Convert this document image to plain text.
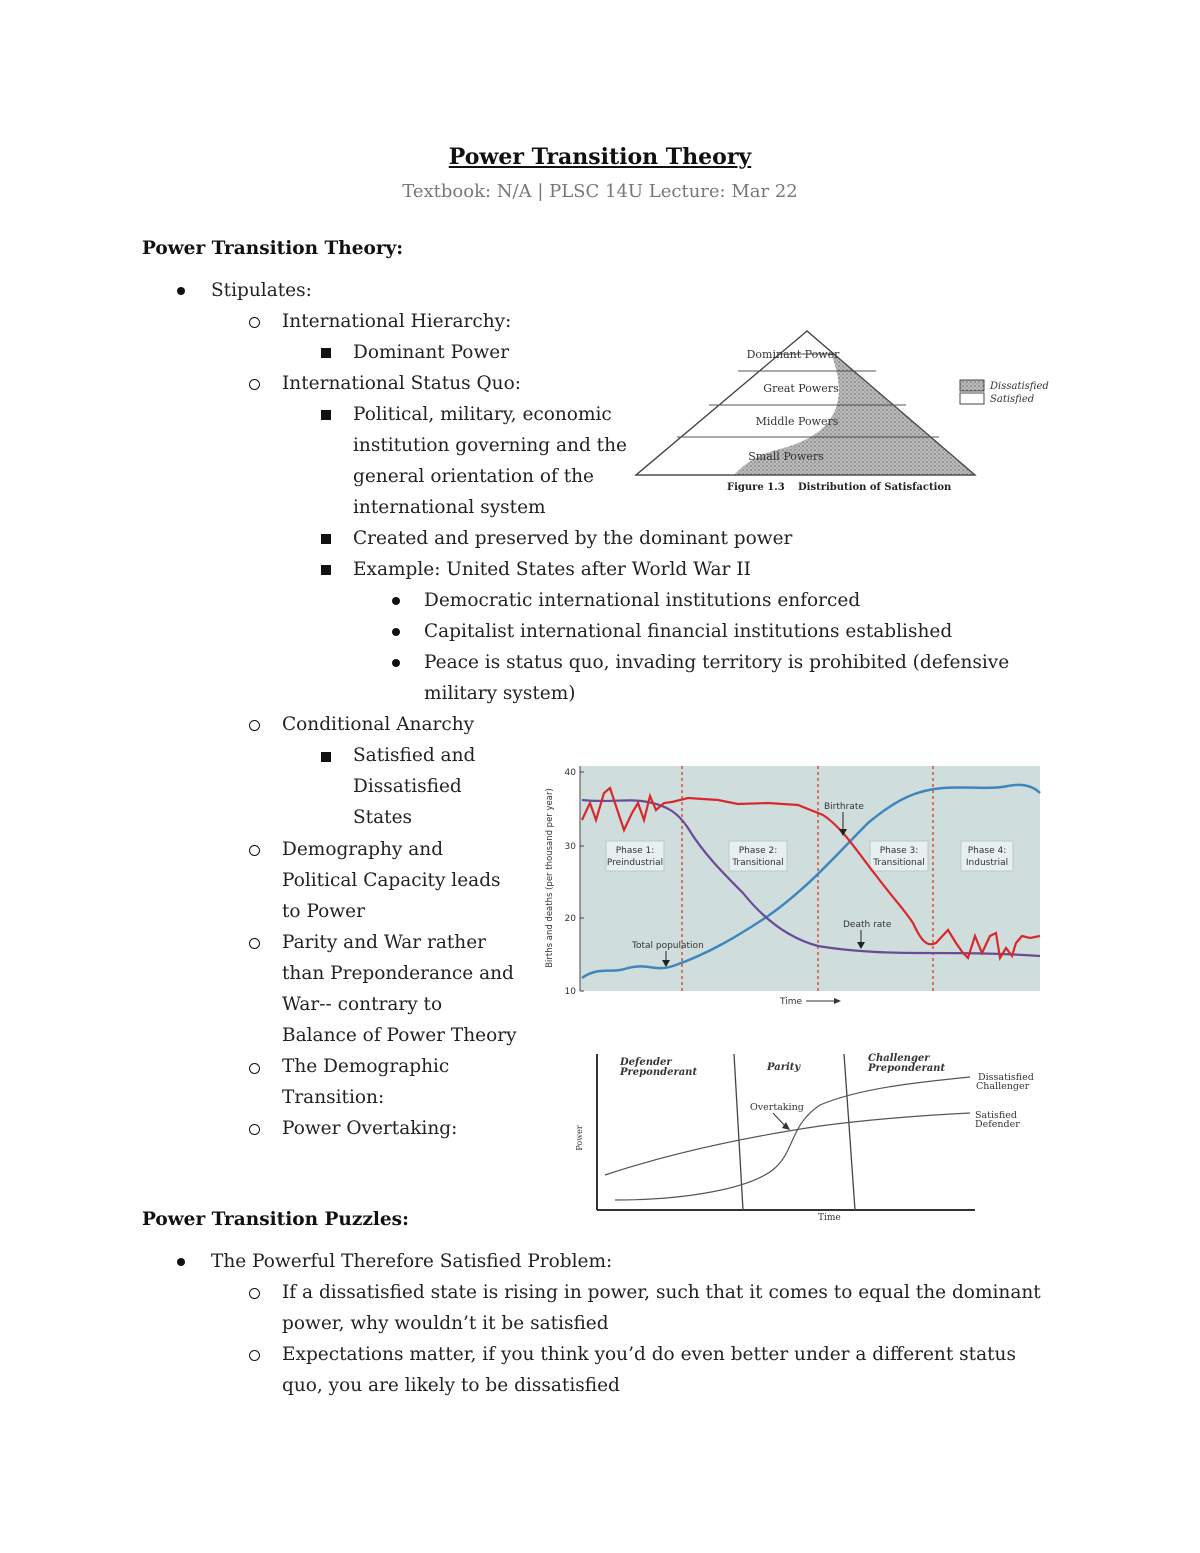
Power Transition Theory
Textbook: N/A | PLSC 14U Lecture: Mar 22
Power Transition Theory:
Stipulates:
International Hierarchy:
Dominant Power
International Status Quo:
Political, military, economic
institution governing and the
general orientation of the
international system
Created and preserved by the dominant power
Example: United States after World War II
Democratic international institutions enforced
Capitalist international financial institutions established
Peace is status quo, invading territory is prohibited (defensive
military system)
Conditional Anarchy
Satisfied and
Dissatisfied
States
Demography and
Political Capacity leads
to Power
Parity and War rather
than Preponderance and
War-- contrary to
Balance of Power Theory
The Demographic
Transition:
Power Overtaking:
Power Transition Puzzles:
The Powerful Therefore Satisfied Problem:
If a dissatisfied state is rising in power, such that it comes to equal the dominant
power, why wouldn’t it be satisfied
Expectations matter, if you think you’d do even better under a different status
quo, you are likely to be dissatisfied
Dominant Power
Great Powers
Middle Powers
Small Powers
Dissatisfied
Satisfied
Figure 1.3 Distribution of Satisfaction
40
30
20
10
Phase 1:
Preindustrial
Phase 2:
Transitional
Phase 3:
Transitional
Phase 4:
Industrial
Birthrate
Death rate
Total population
Births and deaths (per thousand per year)
Time
Defender
Preponderant	Parity
Challenger
Preponderant
Dissatisfied
Challenger
Satisfied
Defender
Overtaking
Power
Time
